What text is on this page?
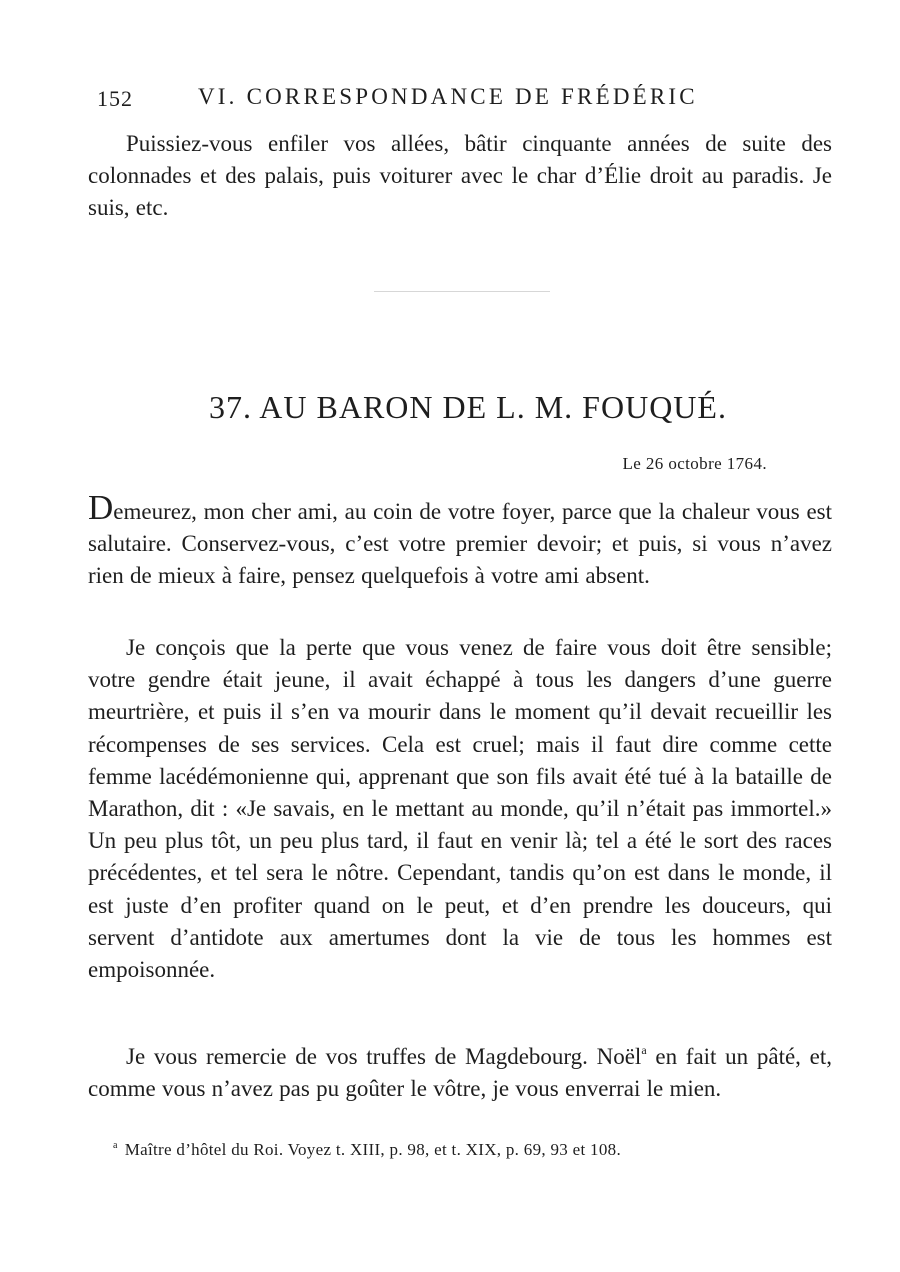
152	VI. CORRESPONDANCE DE FRÉDÉRIC

Puissiez-vous enfiler vos allées, bâtir cinquante années de suite des colonnades et des palais, puis voiturer avec le char d’Élie droit au paradis. Je suis, etc.

37. AU BARON DE L. M. FOUQUÉ.
Le 26 octobre 1764.

Demeurez, mon cher ami, au coin de votre foyer, parce que la chaleur vous est salutaire. Conservez-vous, c’est votre premier devoir; et puis, si vous n’avez rien de mieux à faire, pensez quelquefois à votre ami absent.

Je conçois que la perte que vous venez de faire vous doit être sensible; votre gendre était jeune, il avait échappé à tous les dangers d’une guerre meurtrière, et puis il s’en va mourir dans le moment qu’il devait recueillir les récompenses de ses services. Cela est cruel; mais il faut dire comme cette femme lacédémonienne qui, apprenant que son fils avait été tué à la bataille de Marathon, dit : «Je savais, en le mettant au monde, qu’il n’était pas immortel.» Un peu plus tôt, un peu plus tard, il faut en venir là; tel a été le sort des races précédentes, et tel sera le nôtre. Cependant, tandis qu’on est dans le monde, il est juste d’en profiter quand on le peut, et d’en prendre les douceurs, qui servent d’antidote aux amertumes dont la vie de tous les hommes est empoisonnée.

Je vous remercie de vos truffes de Magdebourg. Noël$^a$ en fait un pâté, et, comme vous n’avez pas pu goûter le vôtre, je vous enverrai le mien.

$^a$ Maître d’hôtel du Roi. Voyez t. XIII, p. 98, et t. XIX, p. 69, 93 et 108.
